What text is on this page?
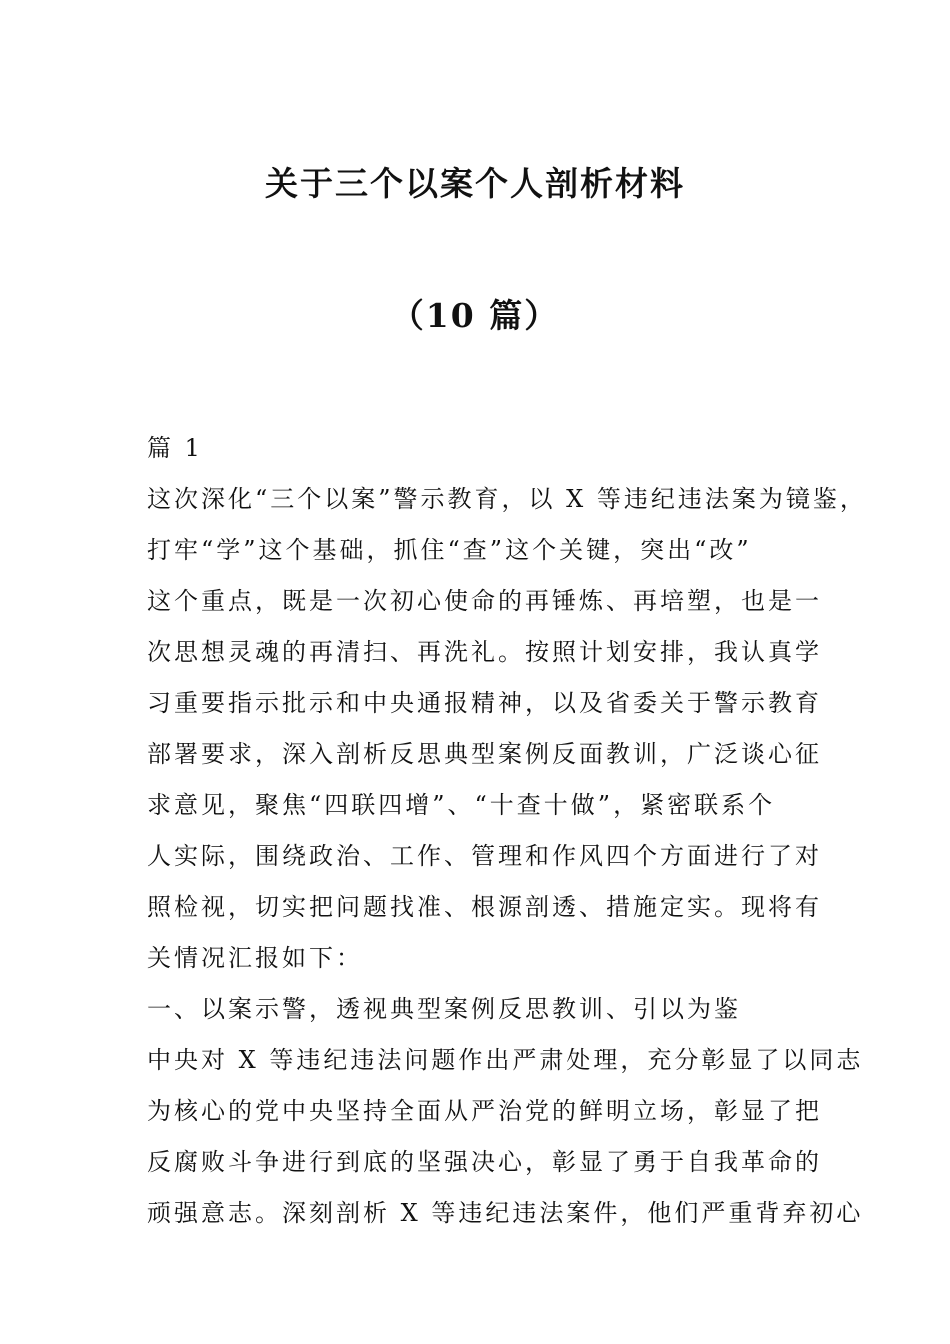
关于三个以案个人剖析材料
（10 篇）
篇 1
这次深化“三个以案”警示教育，以 X 等违纪违法案为镜鉴，
打牢“学”这个基础，抓住“查”这个关键，突出“改”
这个重点，既是一次初心使命的再锤炼、再培塑，也是一
次思想灵魂的再清扫、再洗礼。按照计划安排，我认真学
习重要指示批示和中央通报精神，以及省委关于警示教育
部署要求，深入剖析反思典型案例反面教训，广泛谈心征
求意见，聚焦“四联四增”、“十查十做”，紧密联系个
人实际，围绕政治、工作、管理和作风四个方面进行了对
照检视，切实把问题找准、根源剖透、措施定实。现将有
关情况汇报如下：
一、以案示警，透视典型案例反思教训、引以为鉴
中央对 X 等违纪违法问题作出严肃处理，充分彰显了以同志
为核心的党中央坚持全面从严治党的鲜明立场，彰显了把
反腐败斗争进行到底的坚强决心，彰显了勇于自我革命的
顽强意志。深刻剖析 X 等违纪违法案件，他们严重背弃初心
